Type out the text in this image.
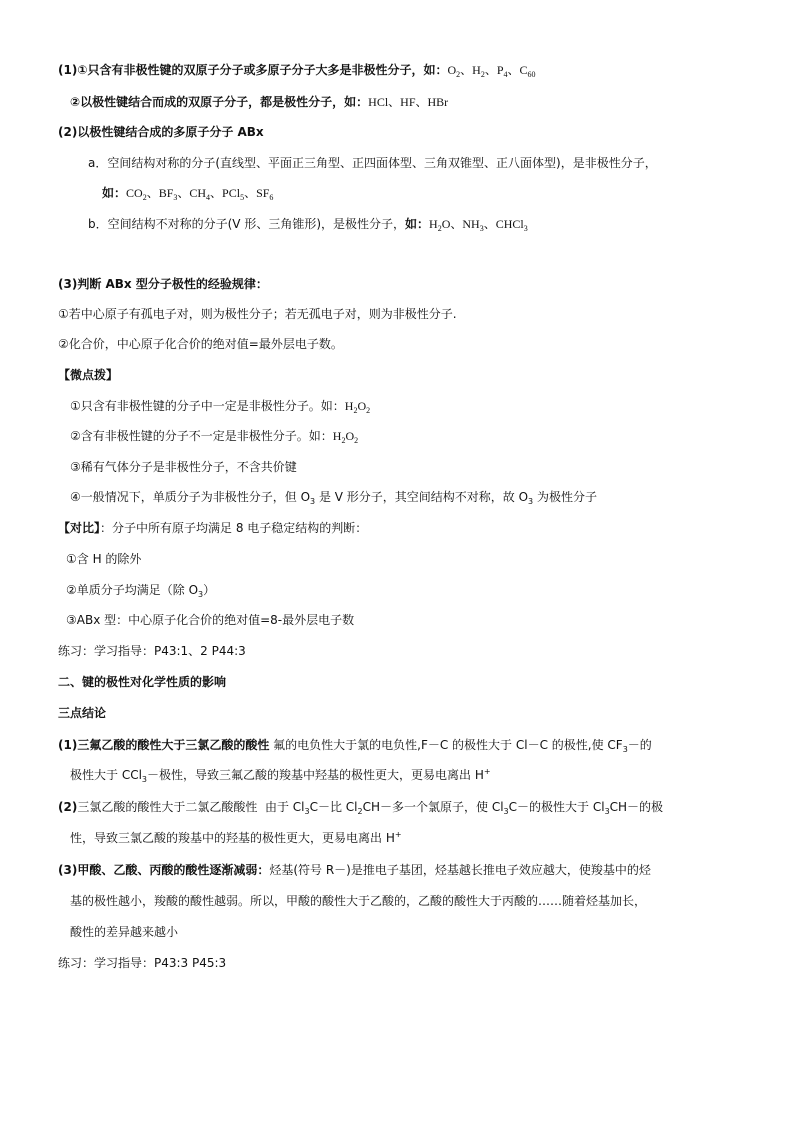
(1)①只含有非极性键的双原子分子或多原子分子大多是非极性分子，如：$O_2$、$H_2$、$P_4$、$C_{60}$
②以极性键结合而成的双原子分子，都是极性分子，如：HCl、HF、HBr
(2)以极性键结合成的多原子分子 ABx
a．空间结构对称的分子(直线型、平面正三角型、正四面体型、三角双锥型、正八面体型)，是非极性分子，
如：$CO_2$、$BF_3$、$CH_4$、PCl$_5$、$SF_6$
b．空间结构不对称的分子(V 形、三角锥形)，是极性分子，如：$H_2O$、$NH_3$、CHCl$_3$
(3)判断 ABx 型分子极性的经验规律：
①若中心原子有孤电子对，则为极性分子；若无孤电子对，则为非极性分子.
②化合价，中心原子化合价的绝对值=最外层电子数。
【微点拨】
①只含有非极性键的分子中一定是非极性分子。如：$H_2O_2$
②含有非极性键的分子不一定是非极性分子。如：$H_2O_2$
③稀有气体分子是非极性分子，不含共价键
④一般情况下，单质分子为非极性分子，但 $O_3$ 是 V 形分子，其空间结构不对称，故 $O_3$ 为极性分子
【对比】：分子中所有原子均满足 8 电子稳定结构的判断：
①含 H 的除外
②单质分子均满足（除 $O_3$）
③ABx 型：中心原子化合价的绝对值=8-最外层电子数
练习：学习指导：P43:1、2 P44:3
二、键的极性对化学性质的影响
三点结论
(1)三氟乙酸的酸性大于三氯乙酸的酸性 氟的电负性大于氯的电负性,F－C 的极性大于 Cl－C 的极性,使 $CF_3-$的
极性大于 CCl$_3$－极性，导致三氟乙酸的羧基中羟基的极性更大，更易电离出 H+
(2)三氯乙酸的酸性大于二氯乙酸酸性  由于 $Cl_3C-$比 $Cl_2CH-$多一个氯原子，使 $Cl_3C-$的极性大于 $Cl_3CH-$的极
性，导致三氯乙酸的羧基中的羟基的极性更大，更易电离出 H+
(3)甲酸、乙酸、丙酸的酸性逐渐减弱：烃基(符号 R－)是推电子基团，烃基越长推电子效应越大，使羧基中的烃
基的极性越小，羧酸的酸性越弱。所以，甲酸的酸性大于乙酸的，乙酸的酸性大于丙酸的……随着烃基加长，
酸性的差异越来越小
练习：学习指导：P43:3 P45:3
